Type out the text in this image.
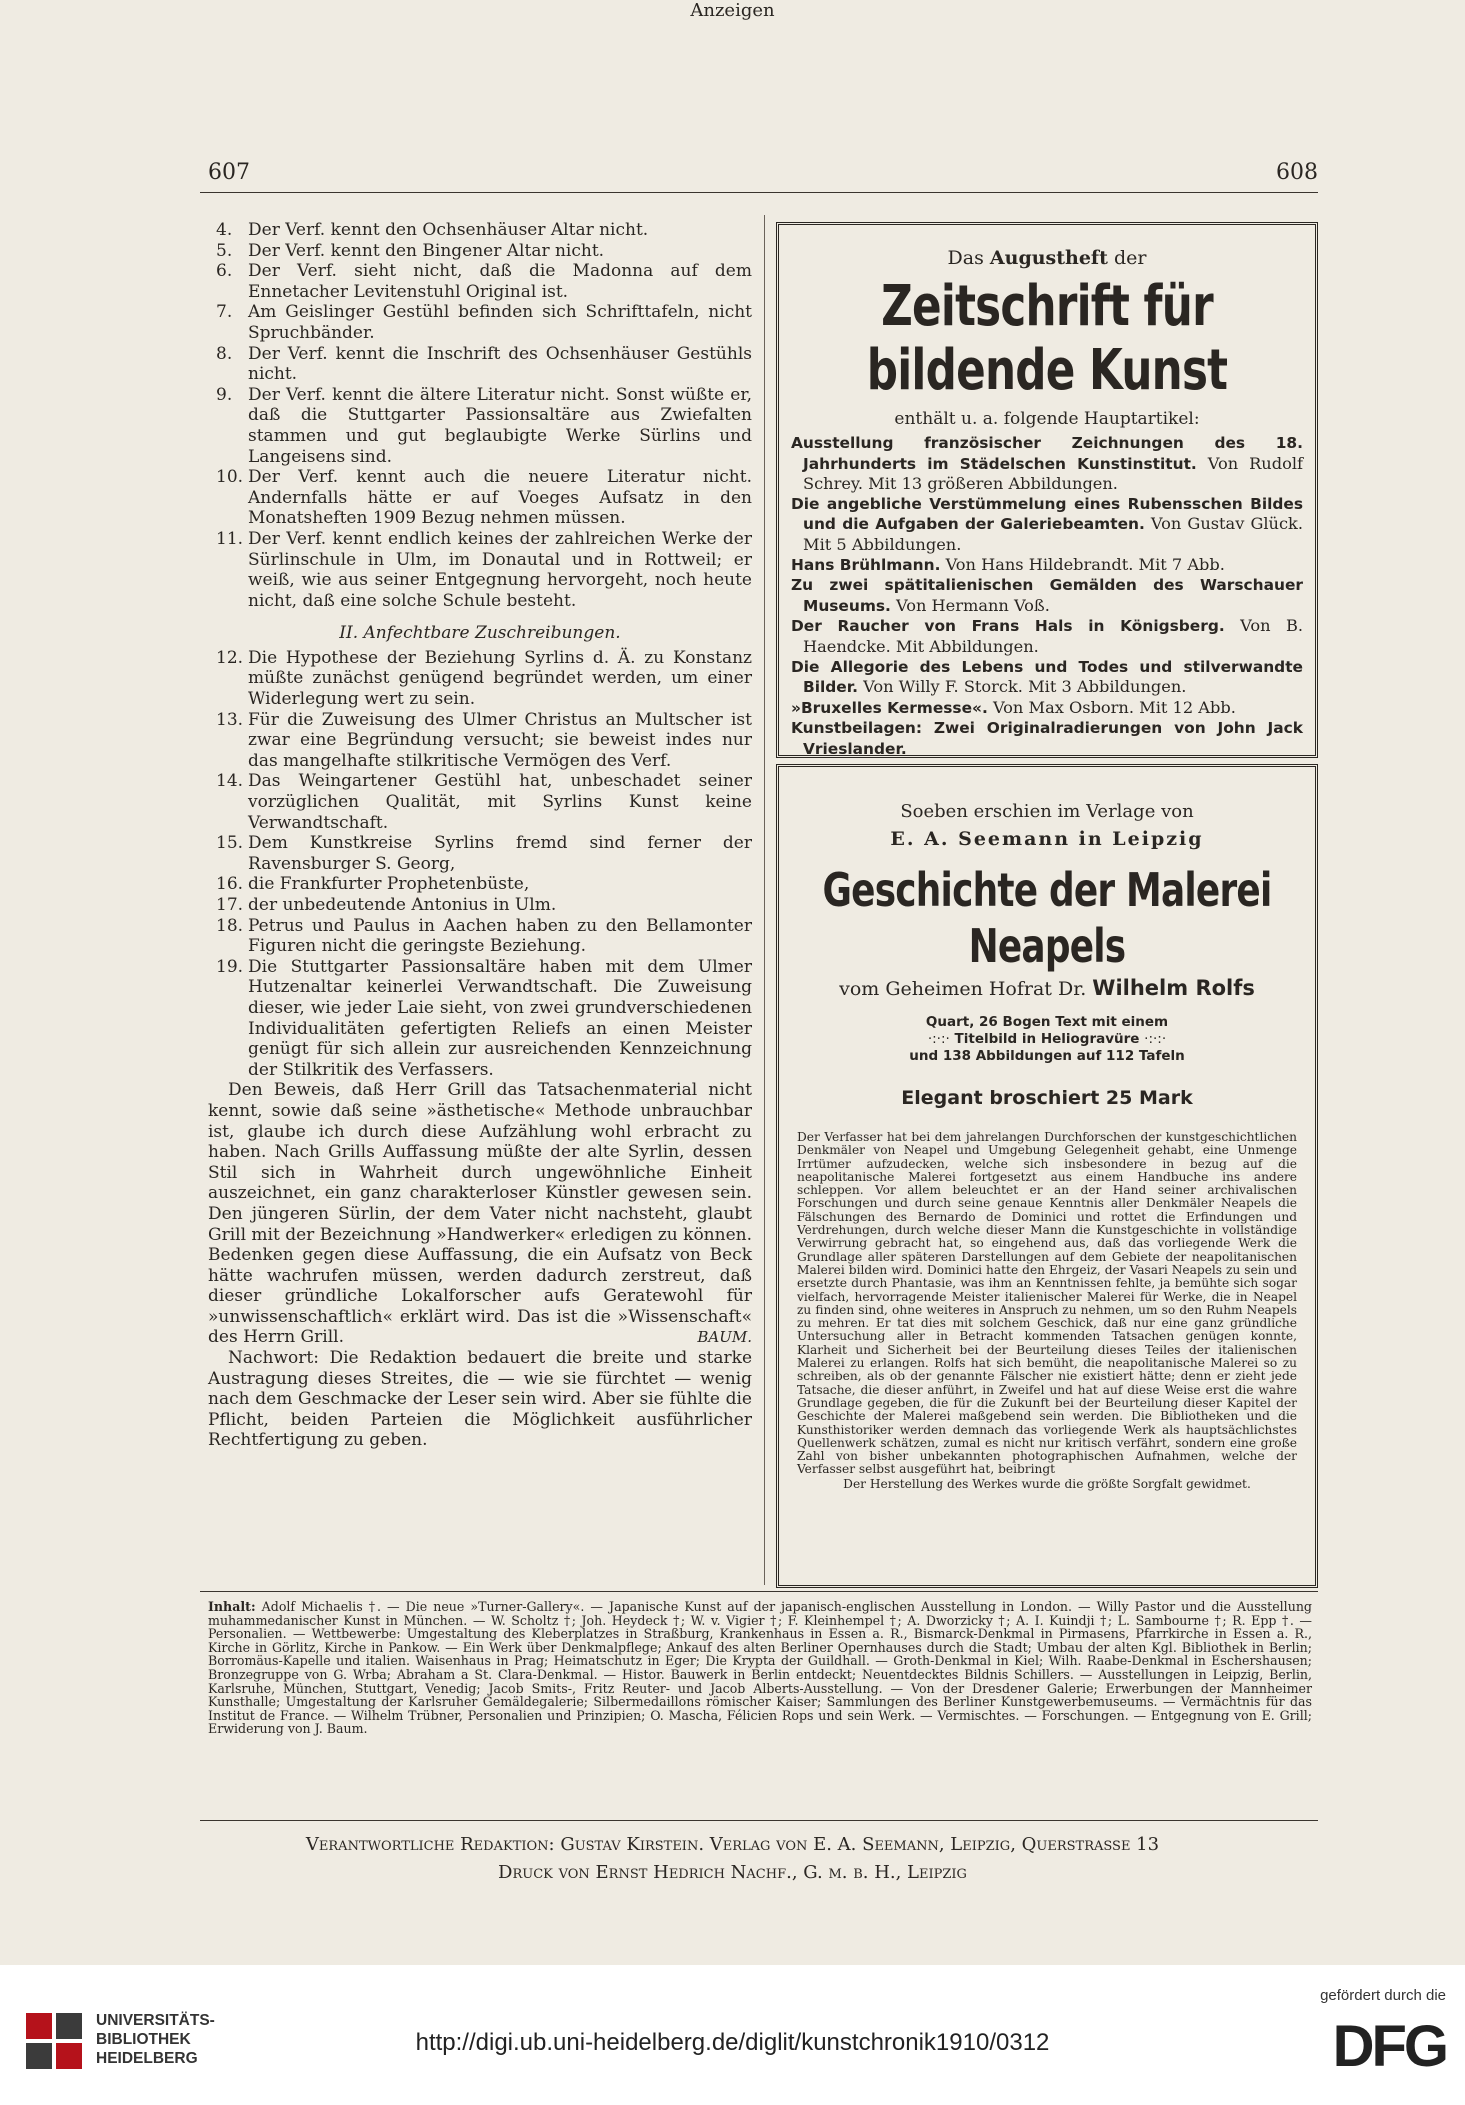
607
Anzeigen
608
4. Der Verf. kennt den Ochsenhäuser Altar nicht.
5. Der Verf. kennt den Bingener Altar nicht.
6. Der Verf. sieht nicht, daß die Madonna auf dem Ennetacher Levitenstuhl Original ist.
7. Am Geislinger Gestühl befinden sich Schrifttafeln, nicht Spruchbänder.
8. Der Verf. kennt die Inschrift des Ochsenhäuser Gestühls nicht.
9. Der Verf. kennt die ältere Literatur nicht. Sonst wüßte er, daß die Stuttgarter Passionsaltäre aus Zwiefalten stammen und gut beglaubigte Werke Sürlins und Langeisens sind.
10. Der Verf. kennt auch die neuere Literatur nicht. Andernfalls hätte er auf Voeges Aufsatz in den Monatsheften 1909 Bezug nehmen müssen.
11. Der Verf. kennt endlich keines der zahlreichen Werke der Sürlinschule in Ulm, im Donautal und in Rottweil; er weiß, wie aus seiner Entgegnung hervorgeht, noch heute nicht, daß eine solche Schule besteht.
II. Anfechtbare Zuschreibungen.
12. Die Hypothese der Beziehung Syrlins d. Ä. zu Konstanz müßte zunächst genügend begründet werden, um einer Widerlegung wert zu sein.
13. Für die Zuweisung des Ulmer Christus an Multscher ist zwar eine Begründung versucht; sie beweist indes nur das mangelhafte stilkritische Vermögen des Verf.
14. Das Weingartener Gestühl hat, unbeschadet seiner vorzüglichen Qualität, mit Syrlins Kunst keine Verwandtschaft.
15. Dem Kunstkreise Syrlins fremd sind ferner der Ravensburger S. Georg,
16. die Frankfurter Prophetenbüste,
17. der unbedeutende Antonius in Ulm.
18. Petrus und Paulus in Aachen haben zu den Bellamonter Figuren nicht die geringste Beziehung.
19. Die Stuttgarter Passionsaltäre haben mit dem Ulmer Hutzenaltar keinerlei Verwandtschaft. Die Zuweisung dieser, wie jeder Laie sieht, von zwei grundverschiedenen Individualitäten gefertigten Reliefs an einen Meister genügt für sich allein zur ausreichenden Kennzeichnung der Stilkritik des Verfassers.
Den Beweis, daß Herr Grill das Tatsachenmaterial nicht kennt, sowie daß seine »ästhetische« Methode unbrauchbar ist, glaube ich durch diese Aufzählung wohl erbracht zu haben. Nach Grills Auffassung müßte der alte Syrlin, dessen Stil sich in Wahrheit durch ungewöhnliche Einheit auszeichnet, ein ganz charakterloser Künstler gewesen sein. Den jüngeren Sürlin, der dem Vater nicht nachsteht, glaubt Grill mit der Bezeichnung »Handwerker« erledigen zu können. Bedenken gegen diese Auffassung, die ein Aufsatz von Beck hätte wachrufen müssen, werden dadurch zerstreut, daß dieser gründliche Lokalforscher aufs Geratewohl für »unwissenschaftlich« erklärt wird. Das ist die »Wissenschaft« des Herrn Grill.	BAUM.
Nachwort: Die Redaktion bedauert die breite und starke Austragung dieses Streites, die — wie sie fürchtet — wenig nach dem Geschmacke der Leser sein wird. Aber sie fühlte die Pflicht, beiden Parteien die Möglichkeit ausführlicher Rechtfertigung zu geben.
Das Augustheft der
Zeitschrift für bildende Kunst
enthält u. a. folgende Hauptartikel:

Ausstellung französischer Zeichnungen des 18. Jahrhunderts im Städelschen Kunstinstitut. Von Rudolf Schrey. Mit 13 größeren Abbildungen.

Die angebliche Verstümmelung eines Rubensschen Bildes und die Aufgaben der Galeriebeamten. Von Gustav Glück. Mit 5 Abbildungen.

Hans Brühlmann. Von Hans Hildebrandt. Mit 7 Abb.

Zu zwei spätitalienischen Gemälden des Warschauer Museums. Von Hermann Voß.

Der Raucher von Frans Hals in Königsberg. Von B. Haendcke. Mit Abbildungen.

Die Allegorie des Lebens und Todes und stilverwandte Bilder. Von Willy F. Storck. Mit 3 Abbildungen.

»Bruxelles Kermesse«. Von Max Osborn. Mit 12 Abb.

Kunstbeilagen: Zwei Originalradierungen von John Jack Vrieslander.

Soeben erschien im Verlage von
E. A. Seemann in Leipzig
Geschichte der Malerei Neapels
vom Geheimen Hofrat Dr. Wilhelm Rolfs
Quart, 26 Bogen Text mit einem
·:·:· Titelbild in Heliogravüre ·:·:·
und 138 Abbildungen auf 112 Tafeln
Elegant broschiert 25 Mark
Der Verfasser hat bei dem jahrelangen Durchforschen der kunstgeschichtlichen Denkmäler von Neapel und Umgebung Gelegenheit gehabt, eine Unmenge Irrtümer aufzudecken, welche sich insbesondere in bezug auf die neapolitanische Malerei fortgesetzt aus einem Handbuche ins andere schleppen. Vor allem beleuchtet er an der Hand seiner archivalischen Forschungen und durch seine genaue Kenntnis aller Denkmäler Neapels die Fälschungen des Bernardo de Dominici und rottet die Erfindungen und Verdrehungen, durch welche dieser Mann die Kunstgeschichte in vollständige Verwirrung gebracht hat, so eingehend aus, daß das vorliegende Werk die Grundlage aller späteren Darstellungen auf dem Gebiete der neapolitanischen Malerei bilden wird. Dominici hatte den Ehrgeiz, der Vasari Neapels zu sein und ersetzte durch Phantasie, was ihm an Kenntnissen fehlte, ja bemühte sich sogar vielfach, hervorragende Meister italienischer Malerei für Werke, die in Neapel zu finden sind, ohne weiteres in Anspruch zu nehmen, um so den Ruhm Neapels zu mehren. Er tat dies mit solchem Geschick, daß nur eine ganz gründliche Untersuchung aller in Betracht kommenden Tatsachen genügen konnte, Klarheit und Sicherheit bei der Beurteilung dieses Teiles der italienischen Malerei zu erlangen. Rolfs hat sich bemüht, die neapolitanische Malerei so zu schreiben, als ob der genannte Fälscher nie existiert hätte; denn er zieht jede Tatsache, die dieser anführt, in Zweifel und hat auf diese Weise erst die wahre Grundlage gegeben, die für die Zukunft bei der Beurteilung dieser Kapitel der Geschichte der Malerei maßgebend sein werden. Die Bibliotheken und die Kunsthistoriker werden demnach das vorliegende Werk als hauptsächlichstes Quellenwerk schätzen, zumal es nicht nur kritisch verfährt, sondern eine große Zahl von bisher unbekannten photographischen Aufnahmen, welche der Verfasser selbst ausgeführt hat, beibringt
Der Herstellung des Werkes wurde die größte Sorgfalt gewidmet.
Inhalt: Adolf Michaelis †. — Die neue »Turner-Gallery«. — Japanische Kunst auf der japanisch-englischen Ausstellung in London. — Willy Pastor und die Ausstellung muhammedanischer Kunst in München. — W. Scholtz †; Joh. Heydeck †; W. v. Vigier †; F. Kleinhempel †; A. Dworzicky †; A. I. Kuindji †; L. Sambourne †; R. Epp †. — Personalien. — Wettbewerbe: Umgestaltung des Kleberplatzes in Straßburg, Krankenhaus in Essen a. R., Bismarck-Denkmal in Pirmasens, Pfarrkirche in Essen a. R., Kirche in Görlitz, Kirche in Pankow. — Ein Werk über Denkmalpflege; Ankauf des alten Berliner Opernhauses durch die Stadt; Umbau der alten Kgl. Bibliothek in Berlin; Borromäus-Kapelle und italien. Waisenhaus in Prag; Heimatschutz in Eger; Die Krypta der Guildhall. — Groth-Denkmal in Kiel; Wilh. Raabe-Denkmal in Eschershausen; Bronzegruppe von G. Wrba; Abraham a St. Clara-Denkmal. — Histor. Bauwerk in Berlin entdeckt; Neuentdecktes Bildnis Schillers. — Ausstellungen in Leipzig, Berlin, Karlsruhe, München, Stuttgart, Venedig; Jacob Smits-, Fritz Reuter- und Jacob Alberts-Ausstellung. — Von der Dresdener Galerie; Erwerbungen der Mannheimer Kunsthalle; Umgestaltung der Karlsruher Gemäldegalerie; Silbermedaillons römischer Kaiser; Sammlungen des Berliner Kunstgewerbemuseums. — Vermächtnis für das Institut de France. — Wilhelm Trübner, Personalien und Prinzipien; O. Mascha, Félicien Rops und sein Werk. — Vermischtes. — Forschungen. — Entgegnung von E. Grill; Erwiderung von J. Baum.
Verantwortliche Redaktion: Gustav Kirstein. Verlag von E. A. Seemann, Leipzig, Querstraße 13
Druck von Ernst Hedrich Nachf., G. m. b. H., Leipzig
UNIVERSITÄTS-
BIBLIOTHEK
HEIDELBERG
http://digi.ub.uni-heidelberg.de/diglit/kunstchronik1910/0312
gefördert durch die
DFG
